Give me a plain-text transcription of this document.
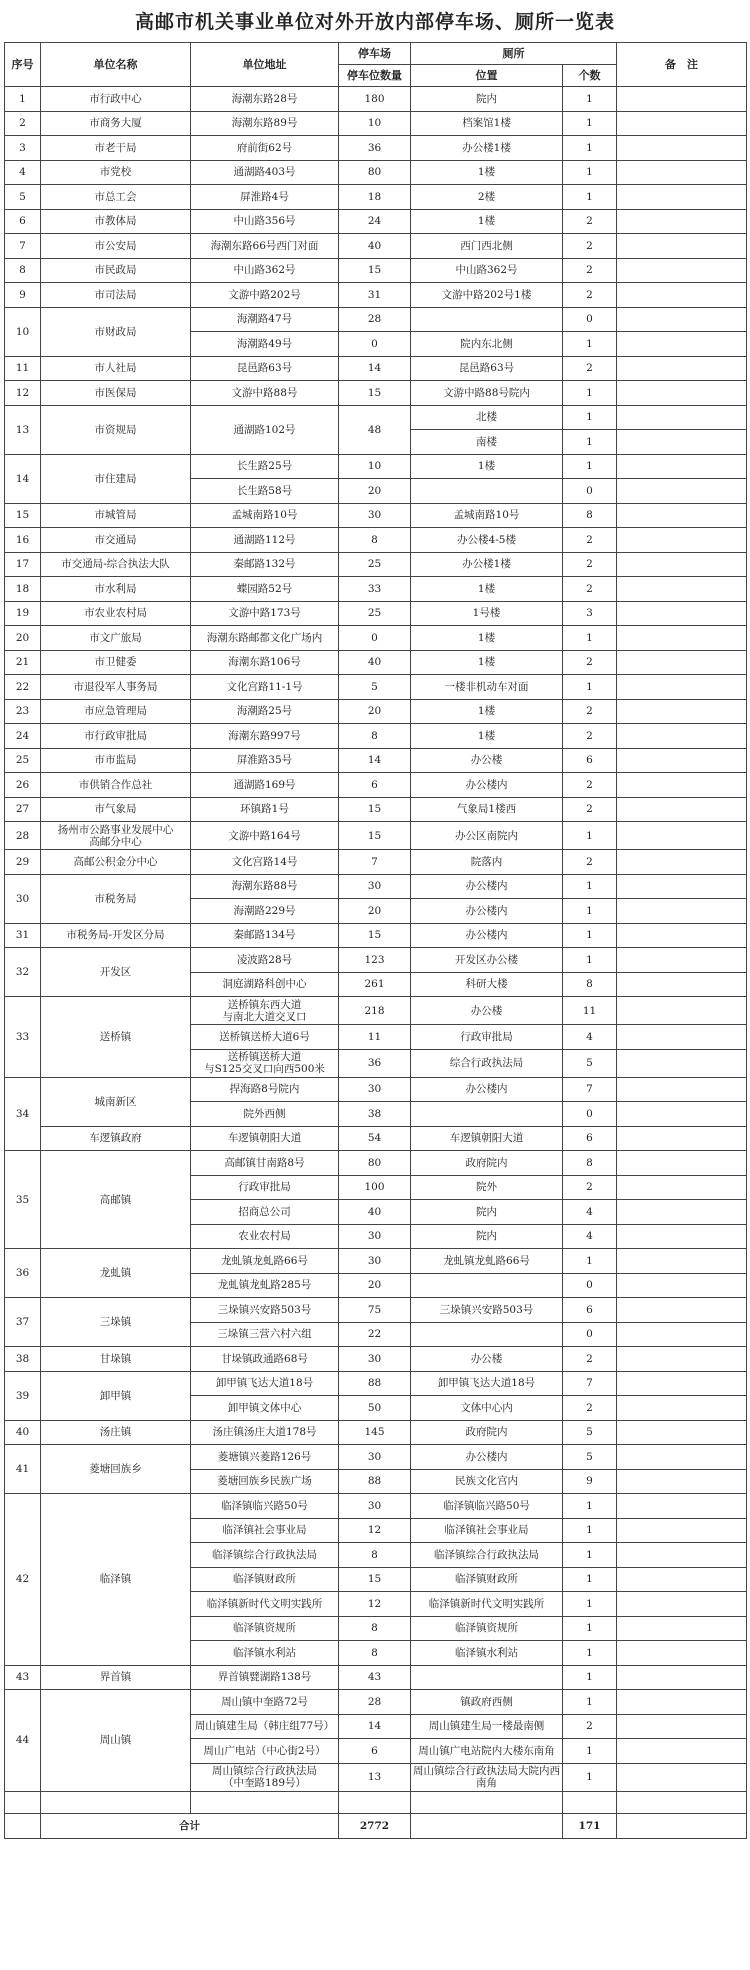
高邮市机关事业单位对外开放内部停车场、厕所一览表
序号	单位名称	单位地址	停车场	厕所		备　注
			停车位数量	位置	个数	
1	市行政中心	海潮东路28号	180	院内	1	
2	市商务大厦	海潮东路89号	10	档案馆1楼	1	
3	市老干局	府前街62号	36	办公楼1楼	1	
4	市党校	通湖路403号	80	1楼	1	
5	市总工会	屏淮路4号	18	2楼	1	
6	市教体局	中山路356号	24	1楼	2	
7	市公安局	海潮东路66号西门对面	40	西门西北侧	2	
8	市民政局	中山路362号	15	中山路362号	2	
9	市司法局	文游中路202号	31	文游中路202号1楼	2	
10	市财政局	海潮路47号	28		0	
		海潮路49号	0	院内东北侧	1	
11	市人社局	昆邑路63号	14	昆邑路63号	2	
12	市医保局	文游中路88号	15	文游中路88号院内	1	
13	市资规局	通湖路102号	48	北楼	1	
				南楼	1	
14	市住建局	长生路25号	10	1楼	1	
		长生路58号	20		0	
15	市城管局	孟城南路10号	30	孟城南路10号	8	
16	市交通局	通湖路112号	8	办公楼4-5楼	2	
17	市交通局-综合执法大队	秦邮路132号	25	办公楼1楼	2	
18	市水利局	蝶园路52号	33	1楼	2	
19	市农业农村局	文游中路173号	25	1号楼	3	
20	市文广旅局	海潮东路邮都文化广场内	0	1楼	1	
21	市卫健委	海潮东路106号	40	1楼	2	
22	市退役军人事务局	文化宫路11-1号	5	一楼非机动车对面	1	
23	市应急管理局	海潮路25号	20	1楼	2	
24	市行政审批局	海潮东路997号	8	1楼	2	
25	市市监局	屏淮路35号	14	办公楼	6	
26	市供销合作总社	通湖路169号	6	办公楼内	2	
27	市气象局	环镇路1号	15	气象局1楼西	2	
28	扬州市公路事业发展中心
高邮分中心	文游中路164号	15	办公区南院内	1	
29	高邮公积金分中心	文化宫路14号	7	院落内	2	
30	市税务局	海潮东路88号	30	办公楼内	1	
		海潮路229号	20	办公楼内	1	
31	市税务局-开发区分局	秦邮路134号	15	办公楼内	1	
32	开发区	凌波路28号	123	开发区办公楼	1	
		洞庭湖路科创中心	261	科研大楼	8	
33	送桥镇	送桥镇东西大道
与南北大道交叉口	218	办公楼	11	
		送桥镇送桥大道6号	11	行政审批局	4	
		送桥镇送桥大道
与S125交叉口向西500米	36	综合行政执法局	5	
34	城南新区	捍海路8号院内	30	办公楼内	7	
		院外西侧	38		0	
	车逻镇政府	车逻镇朝阳大道	54	车逻镇朝阳大道	6	
35	高邮镇	高邮镇甘南路8号	80	政府院内	8	
		行政审批局	100	院外	2	
		招商总公司	40	院内	4	
		农业农村局	30	院内	4	
36	龙虬镇	龙虬镇龙虬路66号	30	龙虬镇龙虬路66号	1	
		龙虬镇龙虬路285号	20		0	
37	三垛镇	三垛镇兴安路503号	75	三垛镇兴安路503号	6	
		三垛镇三营六村六组	22		0	
38	甘垛镇	甘垛镇政通路68号	30	办公楼	2	
39	卸甲镇	卸甲镇飞达大道18号	88	卸甲镇飞达大道18号	7	
		卸甲镇文体中心	50	文体中心内	2	
40	汤庄镇	汤庄镇汤庄大道178号	145	政府院内	5	
41	菱塘回族乡	菱塘镇兴菱路126号	30	办公楼内	5	
		菱塘回族乡民族广场	88	民族文化宫内	9	
42	临泽镇	临泽镇临兴路50号	30	临泽镇临兴路50号	1	
		临泽镇社会事业局	12	临泽镇社会事业局	1	
		临泽镇综合行政执法局	8	临泽镇综合行政执法局	1	
		临泽镇财政所	15	临泽镇财政所	1	
		临泽镇新时代文明实践所	12	临泽镇新时代文明实践所	1	
		临泽镇资规所	8	临泽镇资规所	1	
		临泽镇水利站	8	临泽镇水利站	1	
43	界首镇	界首镇甓湖路138号	43		1	
44	周山镇	周山镇中奎路72号	28	镇政府西侧	1	
		周山镇建生局（韩庄组77号）	14	周山镇建生局一楼最南侧	2	
		周山广电站（中心街2号）	6	周山镇广电站院内大楼东南角	1	
		周山镇综合行政执法局
（中奎路189号）	13	周山镇综合行政执法局大院内西南角	1	

	合计		2772		171	
